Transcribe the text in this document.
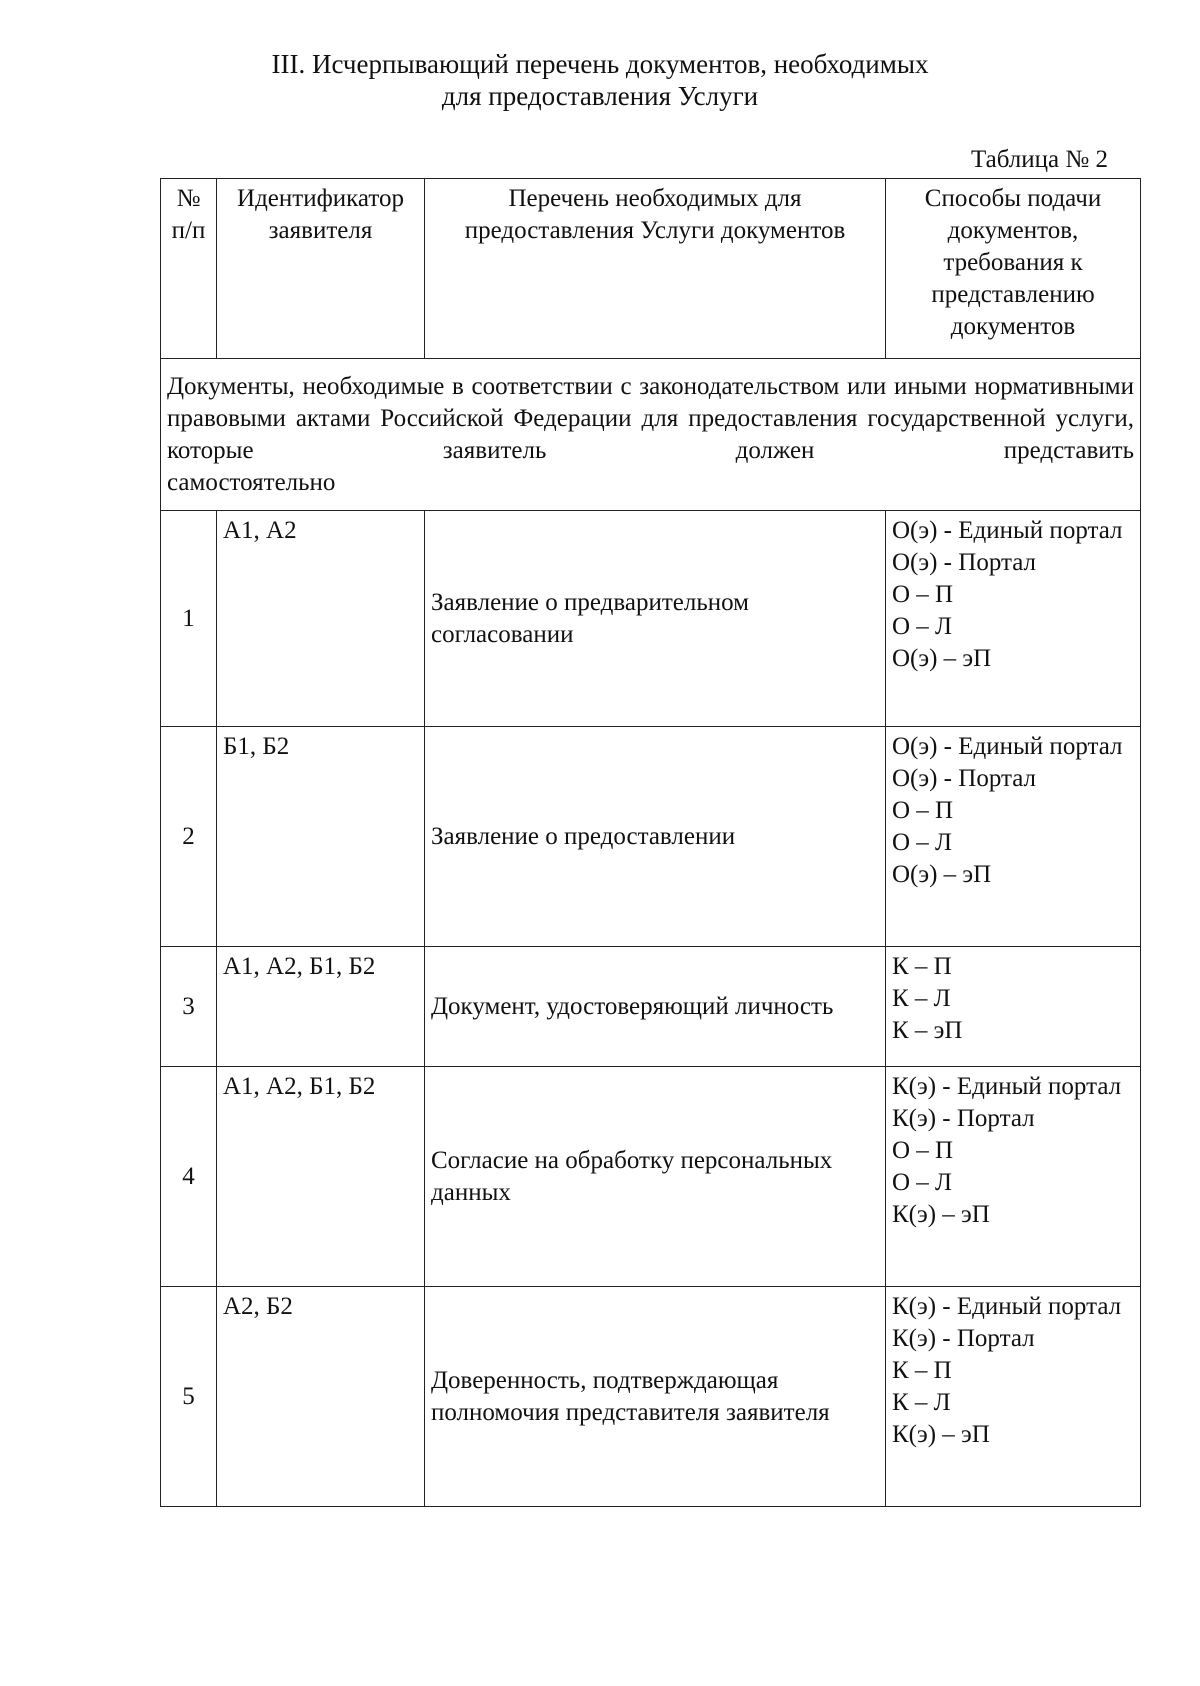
III. Исчерпывающий перечень документов, необходимых
для предоставления Услуги
Таблица № 2
№ п/п	Идентификатор заявителя	Перечень необходимых для предоставления Услуги документов	Способы подачи документов, требования к представлению документов
Документы, необходимые в соответствии с законодательством или иными нормативными правовыми актами Российской Федерации для предоставления государственной услуги, которые заявитель должен представить
самостоятельно			

1	А1, А2	Заявление о предварительном согласовании	О(э) - Единый портал
О(э) - Портал
О – П
О – Л
О(э) – эП

2	Б1, Б2	Заявление о предоставлении	О(э) - Единый портал
О(э) - Портал
О – П
О – Л
О(э) – эП

3	А1, А2, Б1, Б2	Документ, удостоверяющий личность	К – П
К – Л
К – эП

4	А1, А2, Б1, Б2	Согласие на обработку персональных данных	К(э) - Единый портал
К(э) - Портал
О – П
О – Л
К(э) – эП

5	А2, Б2	Доверенность, подтверждающая полномочия представителя заявителя	К(э) - Единый портал
К(э) - Портал
К – П
К – Л
К(э) – эП
